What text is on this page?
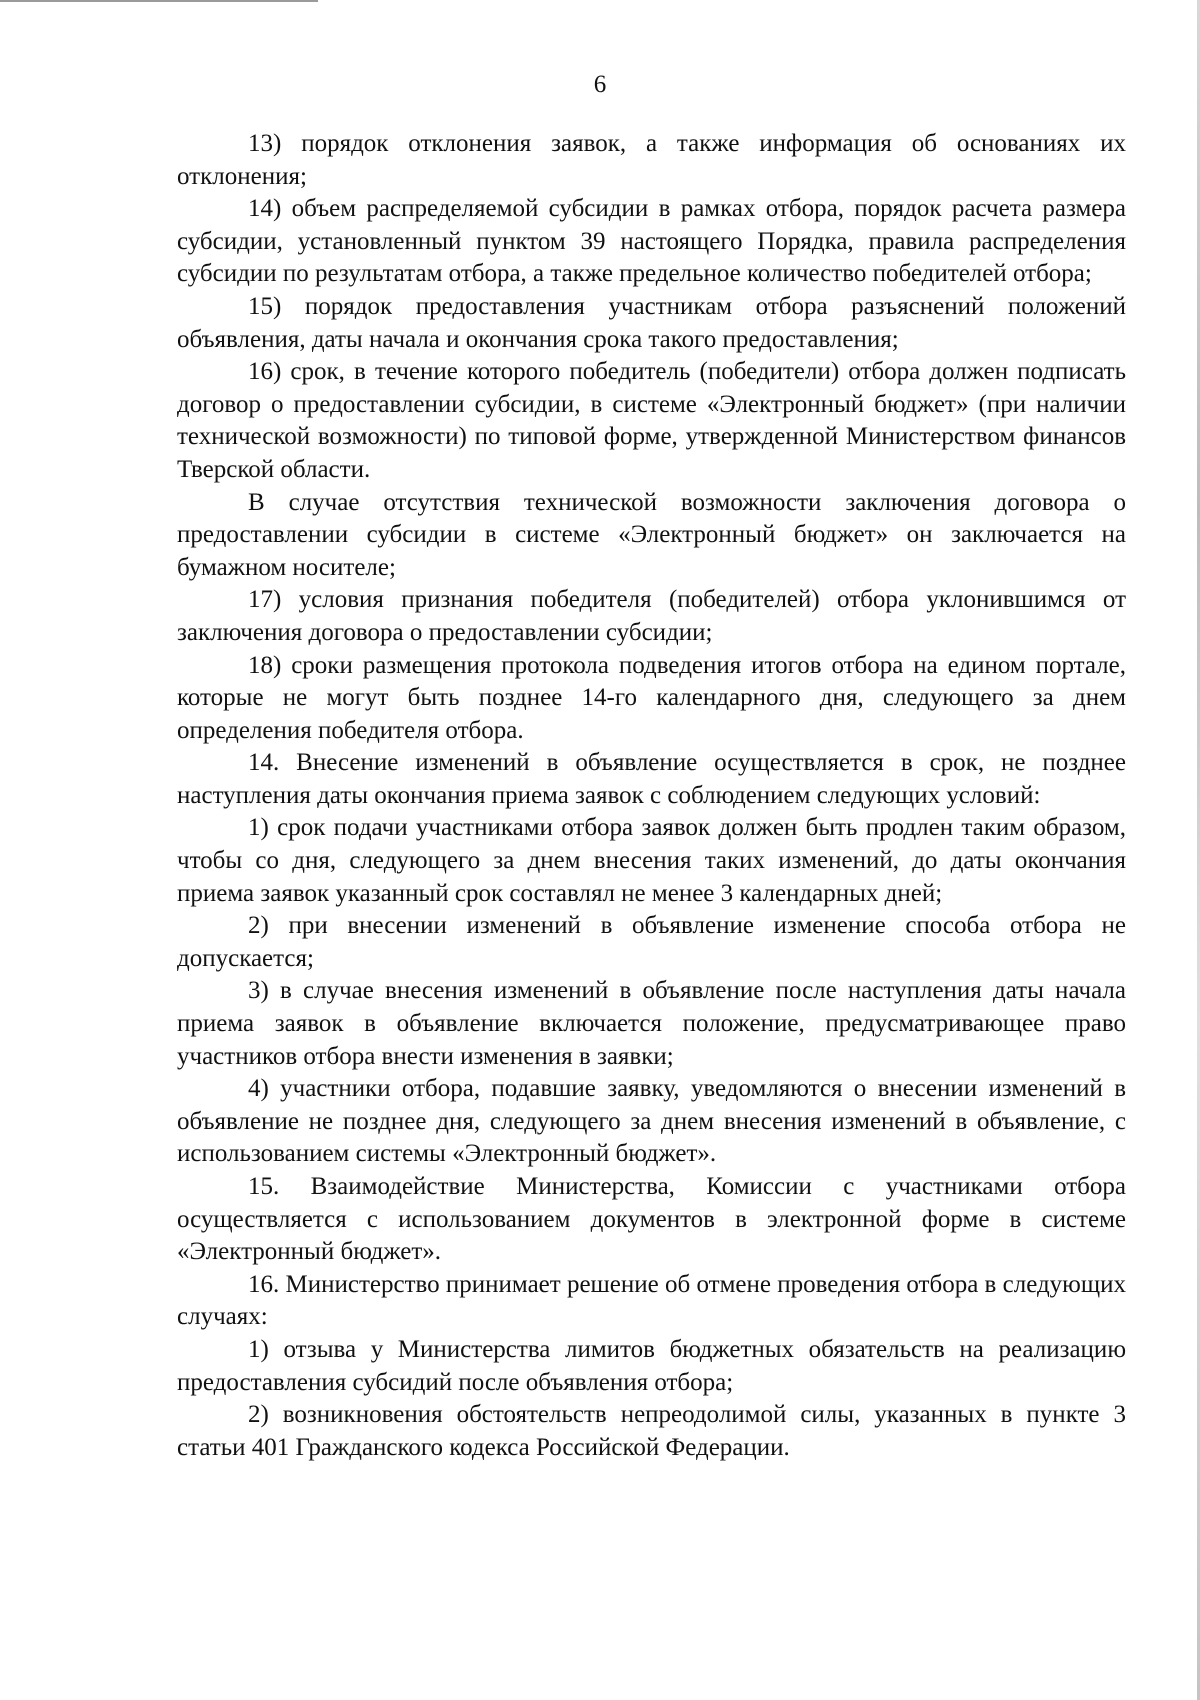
6

13) порядок отклонения заявок, а также информация об основаниях их отклонения;

14) объем распределяемой субсидии в рамках отбора, порядок расчета размера субсидии, установленный пунктом 39 настоящего Порядка, правила распределения субсидии по результатам отбора, а также предельное количество победителей отбора;

15) порядок предоставления участникам отбора разъяснений положений объявления, даты начала и окончания срока такого предоставления;

16) срок, в течение которого победитель (победители) отбора должен подписать договор о предоставлении субсидии, в системе «Электронный бюджет» (при наличии технической возможности) по типовой форме, утвержденной Министерством финансов Тверской области.

В случае отсутствия технической возможности заключения договора о предоставлении субсидии в системе «Электронный бюджет» он заключается на бумажном носителе;

17) условия признания победителя (победителей) отбора уклонившимся от заключения договора о предоставлении субсидии;

18) сроки размещения протокола подведения итогов отбора на едином портале, которые не могут быть позднее 14-го календарного дня, следующего за днем определения победителя отбора.

14. Внесение изменений в объявление осуществляется в срок, не позднее наступления даты окончания приема заявок с соблюдением следующих условий:

1) срок подачи участниками отбора заявок должен быть продлен таким образом, чтобы со дня, следующего за днем внесения таких изменений, до даты окончания приема заявок указанный срок составлял не менее 3 календарных дней;

2) при внесении изменений в объявление изменение способа отбора не допускается;

3) в случае внесения изменений в объявление после наступления даты начала приема заявок в объявление включается положение, предусматривающее право участников отбора внести изменения в заявки;

4) участники отбора, подавшие заявку, уведомляются о внесении изменений в объявление не позднее дня, следующего за днем внесения изменений в объявление, с использованием системы «Электронный бюджет».

15. Взаимодействие Министерства, Комиссии с участниками отбора осуществляется с использованием документов в электронной форме в системе «Электронный бюджет».

16. Министерство принимает решение об отмене проведения отбора в следующих случаях:

1) отзыва у Министерства лимитов бюджетных обязательств на реализацию предоставления субсидий после объявления отбора;

2) возникновения обстоятельств непреодолимой силы, указанных в пункте 3 статьи 401 Гражданского кодекса Российской Федерации.
